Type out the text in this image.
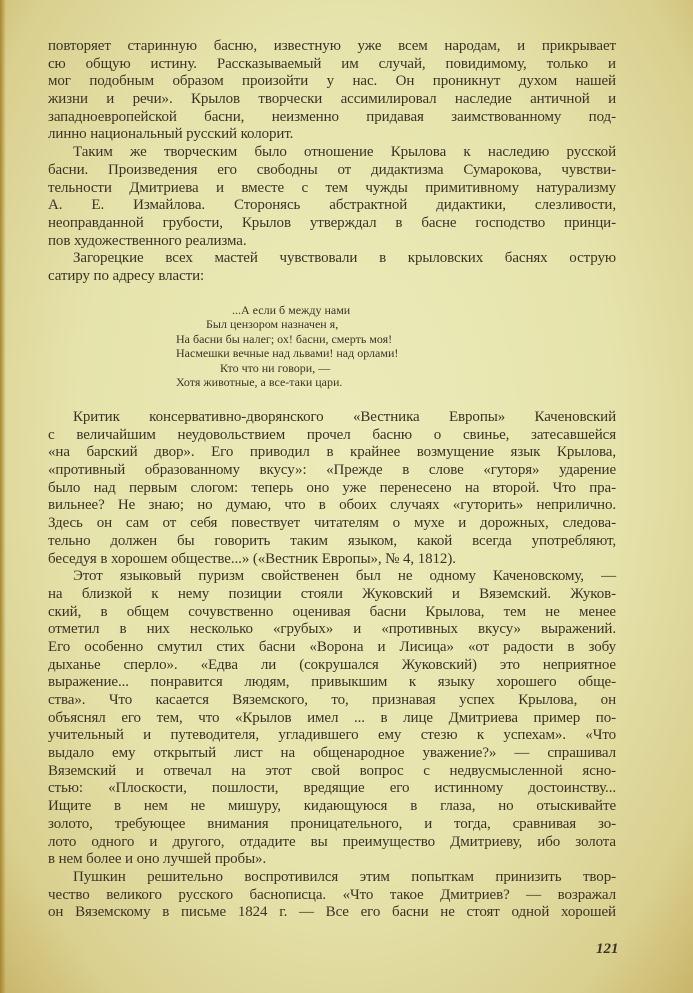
повторяет старинную басню, известную уже всем народам, и прикрывает
сю общую истину. Рассказываемый им случай, повидимому, только и
мог подобным образом произойти у нас. Он проникнут духом нашей
жизни и речи». Крылов творчески ассимилировал наследие античной и
западноевропейской басни, неизменно придавая заимствованному под-
линно национальный русский колорит.
Таким же творческим было отношение Крылова к наследию русской
басни. Произведения его свободны от дидактизма Сумарокова, чувстви-
тельности Дмитриева и вместе с тем чужды примитивному натурализму
А. Е. Измайлова. Сторонясь абстрактной дидактики, слезливости,
неоправданной грубости, Крылов утверждал в басне господство принци-
пов художественного реализма.
Загорецкие всех мастей чувствовали в крыловских баснях острую
сатиру по адресу власти:
...А если б между нами
Был цензором назначен я,
На басни бы налег; ох! басни, смерть моя!
Насмешки вечные над львами! над орлами!
Кто что ни говори, —
Хотя животные, а все-таки цари.
Критик консервативно-дворянского «Вестника Европы» Каченовский
с величайшим неудовольствием прочел басню о свинье, затесавшейся
«на барский двор». Его приводил в крайнее возмущение язык Крылова,
«противный образованному вкусу»: «Прежде в слове «гуторя» ударение
было над первым слогом: теперь оно уже перенесено на второй. Что пра-
вильнее? Не знаю; но думаю, что в обоих случаях «гуторить» неприлично.
Здесь он сам от себя повествует читателям о мухе и дорожных, следова-
тельно должен бы говорить таким языком, какой всегда употребляют,
беседуя в хорошем обществе...» («Вестник Европы», № 4, 1812).
Этот языковый пуризм свойственен был не одному Каченовскому, —
на близкой к нему позиции стояли Жуковский и Вяземский. Жуков-
ский, в общем сочувственно оценивая басни Крылова, тем не менее
отметил в них несколько «грубых» и «противных вкусу» выражений.
Его особенно смутил стих басни «Ворона и Лисица» «от радости в зобу
дыханье сперло». «Едва ли (сокрушался Жуковский) это неприятное
выражение... понравится людям, привыкшим к языку хорошего обще-
ства». Что касается Вяземского, то, признавая успех Крылова, он
объяснял его тем, что «Крылов имел ... в лице Дмитриева пример по-
учительный и путеводителя, угладившего ему стезю к успехам». «Что
выдало ему открытый лист на общенародное уважение?» — спрашивал
Вяземский и отвечал на этот свой вопрос с недвусмысленной ясно-
стью: «Плоскости, пошлости, вредящие его истинному достоинству...
Ищите в нем не мишуру, кидающуюся в глаза, но отыскивайте
золото, требующее внимания проницательного, и тогда, сравнивая зо-
лото одного и другого, отдадите вы преимущество Дмитриеву, ибо золота
в нем более и оно лучшей пробы».
Пушкин решительно воспротивился этим попыткам принизить твор-
чество великого русского баснописца. «Что такое Дмитриев? — возражал
он Вяземскому в письме 1824 г. — Все его басни не стоят одной хорошей
121
